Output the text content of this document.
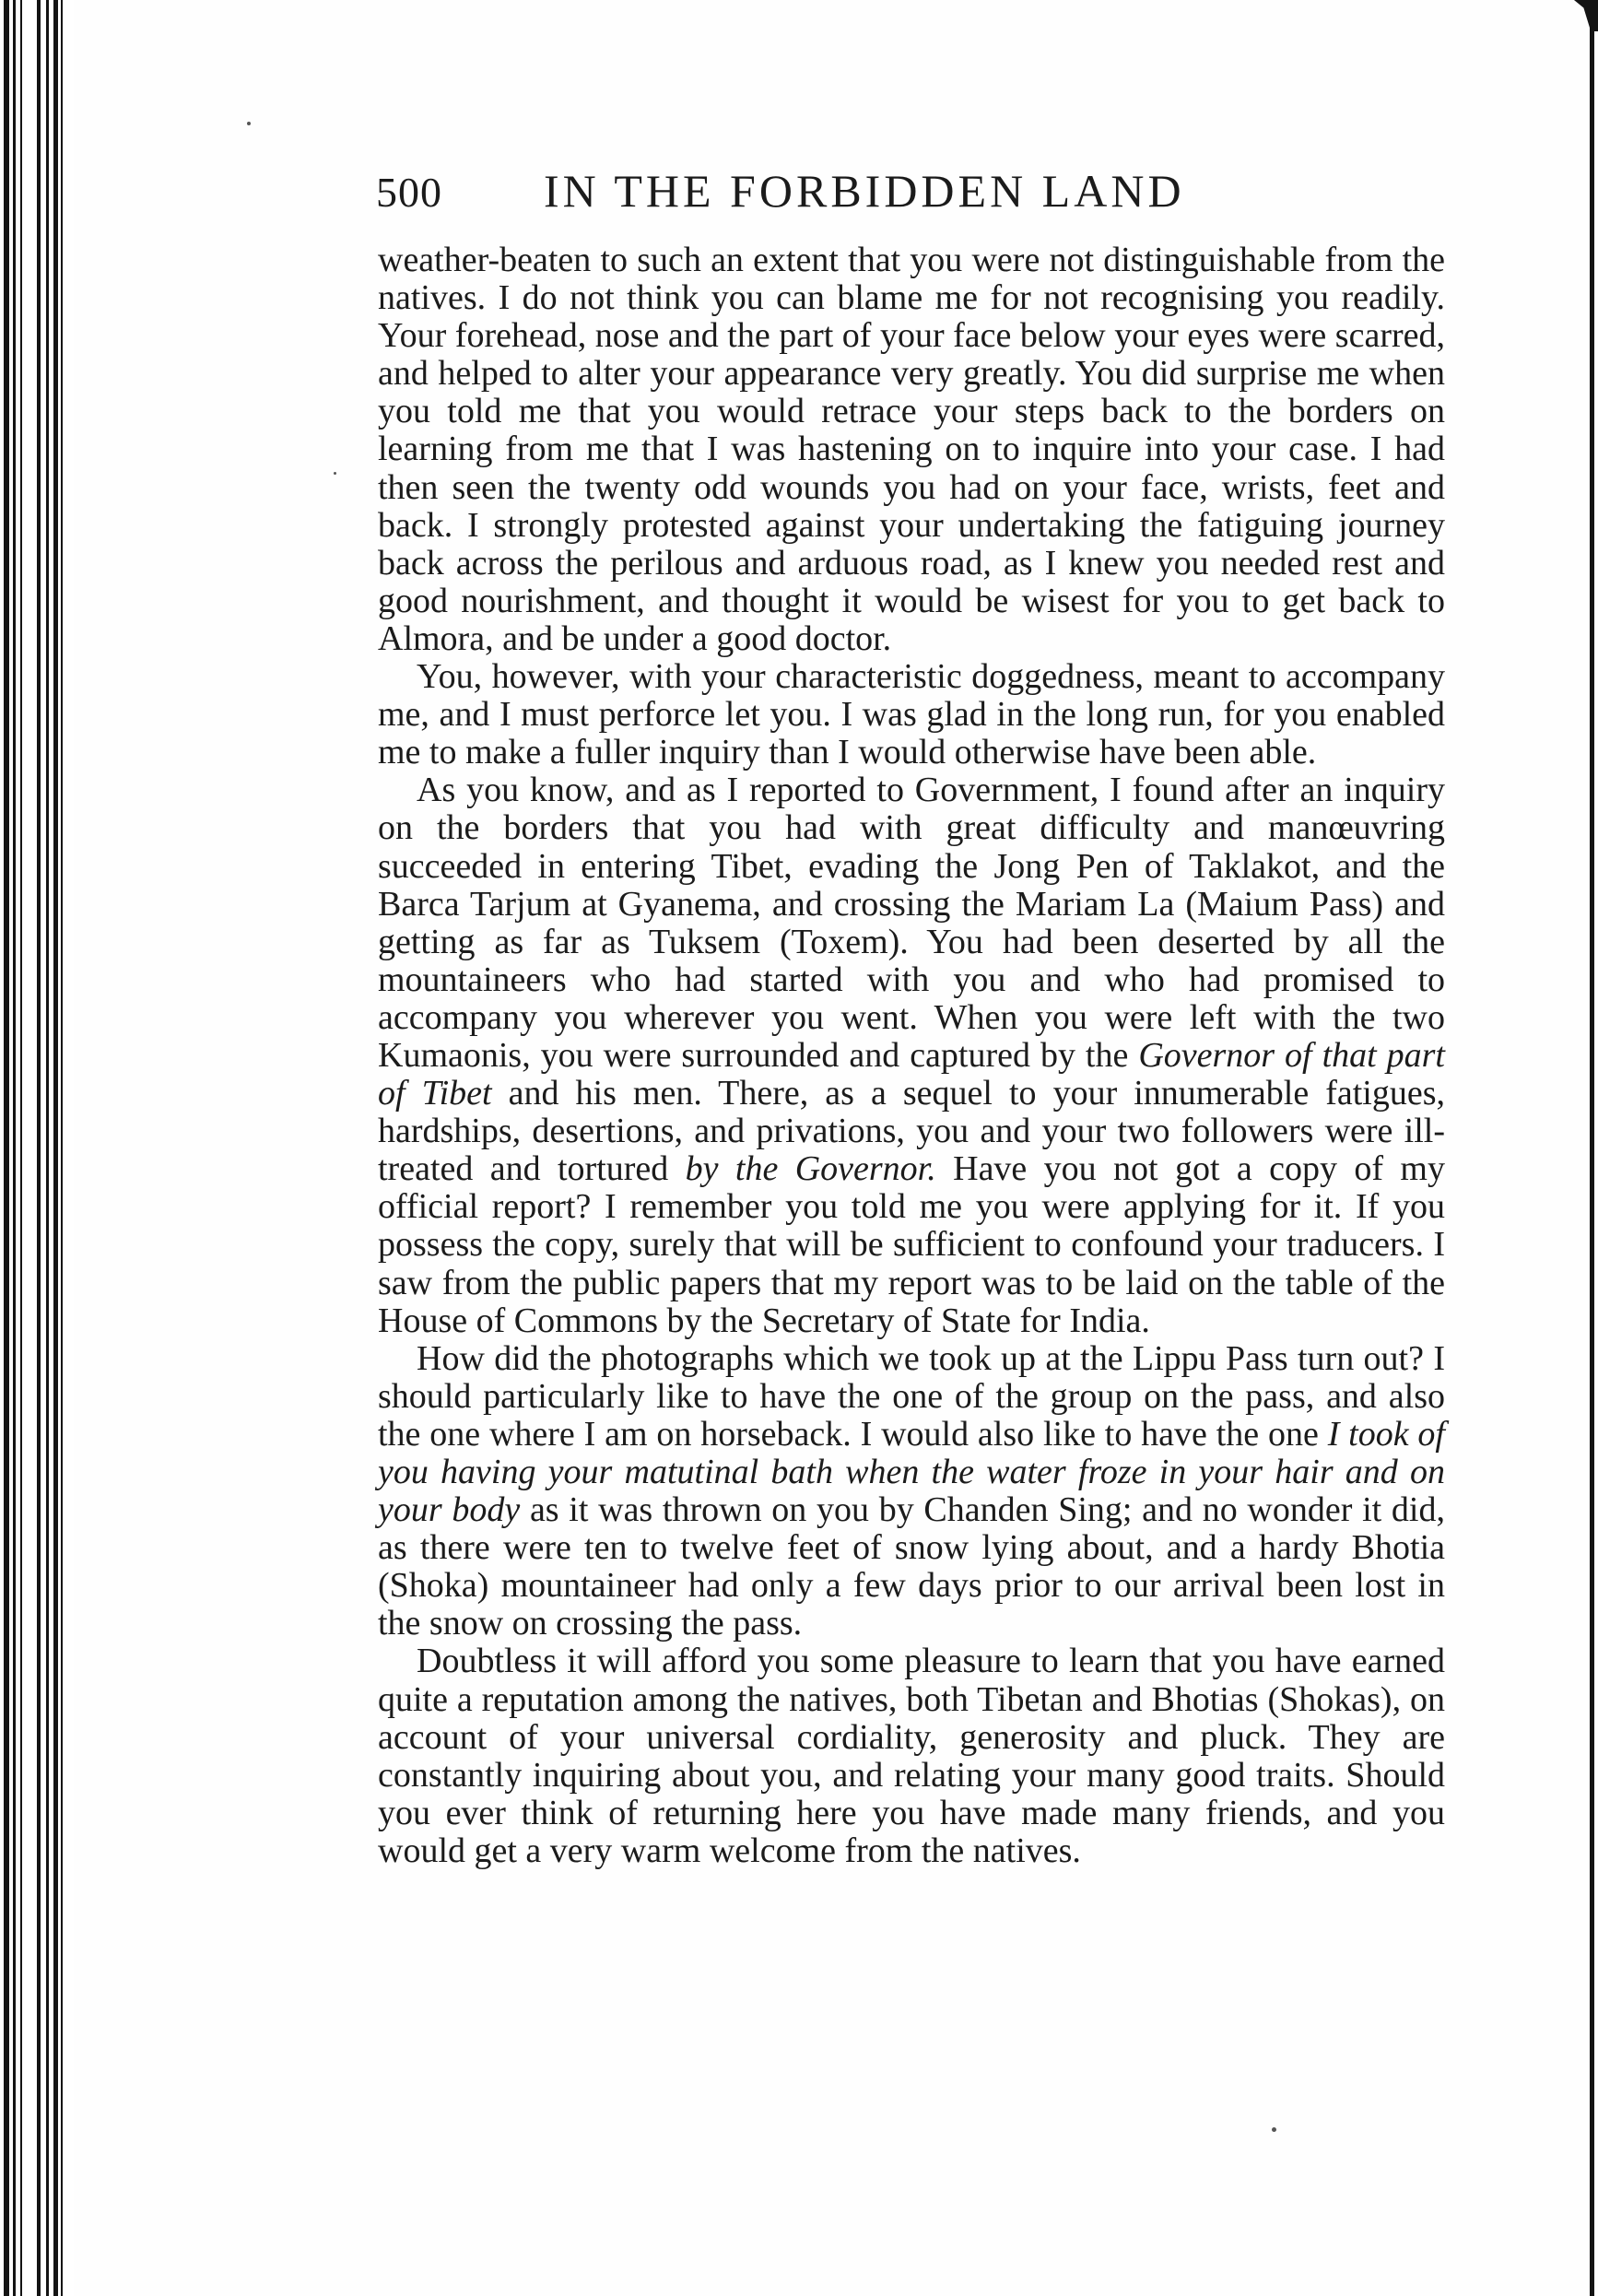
500 IN THE FORBIDDEN LAND

weather-beaten to such an extent that you were not distinguishable from the natives. I do not think you can blame me for not recognising you readily. Your forehead, nose and the part of your face below your eyes were scarred, and helped to alter your appearance very greatly. You did surprise me when you told me that you would retrace your steps back to the borders on learning from me that I was hastening on to inquire into your case. I had then seen the twenty odd wounds you had on your face, wrists, feet and back. I strongly protested against your undertaking the fatiguing journey back across the perilous and arduous road, as I knew you needed rest and good nourishment, and thought it would be wisest for you to get back to Almora, and be under a good doctor.

You, however, with your characteristic doggedness, meant to accompany me, and I must perforce let you. I was glad in the long run, for you enabled me to make a fuller inquiry than I would otherwise have been able.

As you know, and as I reported to Government, I found after an inquiry on the borders that you had with great difficulty and manœuvring succeeded in entering Tibet, evading the Jong Pen of Taklakot, and the Barca Tarjum at Gyanema, and crossing the Mariam La (Maium Pass) and getting as far as Tuksem (Toxem). You had been deserted by all the mountaineers who had started with you and who had promised to accompany you wherever you went. When you were left with the two Kumaonis, you were surrounded and captured by the Governor of that part of Tibet and his men. There, as a sequel to your innumerable fatigues, hardships, desertions, and privations, you and your two followers were ill-treated and tortured by the Governor. Have you not got a copy of my official report? I remember you told me you were applying for it. If you possess the copy, surely that will be sufficient to confound your traducers. I saw from the public papers that my report was to be laid on the table of the House of Commons by the Secretary of State for India.

How did the photographs which we took up at the Lippu Pass turn out? I should particularly like to have the one of the group on the pass, and also the one where I am on horseback. I would also like to have the one I took of you having your matutinal bath when the water froze in your hair and on your body as it was thrown on you by Chanden Sing; and no wonder it did, as there were ten to twelve feet of snow lying about, and a hardy Bhotia (Shoka) mountaineer had only a few days prior to our arrival been lost in the snow on crossing the pass.

Doubtless it will afford you some pleasure to learn that you have earned quite a reputation among the natives, both Tibetan and Bhotias (Shokas), on account of your universal cordiality, generosity and pluck. They are constantly inquiring about you, and relating your many good traits. Should you ever think of returning here you have made many friends, and you would get a very warm welcome from the natives.
